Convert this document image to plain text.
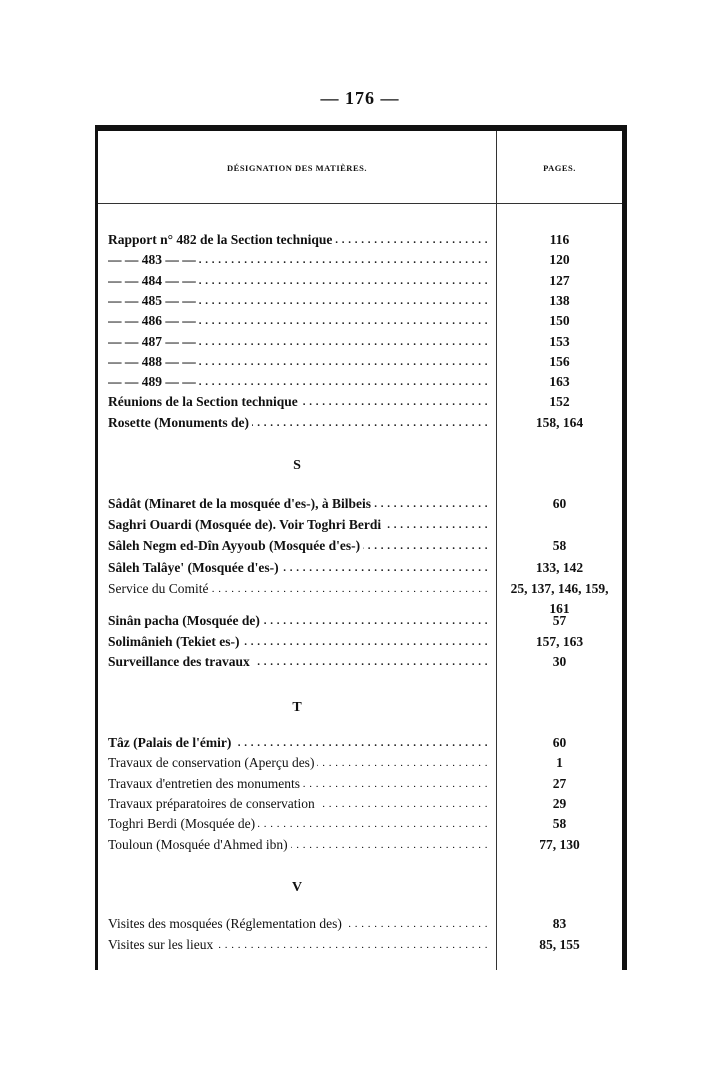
— 176 —
DÉSIGNATION DES MATIÈRES.	PAGES.
Rapport n° 482 de la Section technique . . .	116
— — 483 — — . . .	120
— — 484 — — . . .	127
— — 485 — — . . .	138
— — 486 — — . . .	150
— — 487 — — . . .	153
— — 488 — — . . .	156
— — 489 — — . . .	163
Réunions de la Section technique . . .	152
Rosette (Monuments de) . . .	158, 164
Sâdât (Minaret de la mosquée d'es-), à Bilbeis . . .	60
Saghri Ouardi (Mosquée de). Voir Toghri Berdi . . .
Sâleh Negm ed-Dîn Ayyoub (Mosquée d'es-) . . .	58
Sâleh Talâye' (Mosquée d'es-) . . .	133, 142
Service du Comité . . .	25, 137, 146, 159,
161
Sinân pacha (Mosquée de) . . .	57
Solimânieh (Tekiet es-) . . .	157, 163
Surveillance des travaux . . .	30
Tâz (Palais de l'émir) . . .	60
Travaux de conservation (Aperçu des) . . .	1
Travaux d'entretien des monuments . . .	27
Travaux préparatoires de conservation . . .	29
Toghri Berdi (Mosquée de) . . .	58
Touloun (Mosquée d'Ahmed ibn) . . .	77, 130
Visites des mosquées (Réglementation des) . . .	83
Visites sur les lieux . . .	85, 155
S
T
V
